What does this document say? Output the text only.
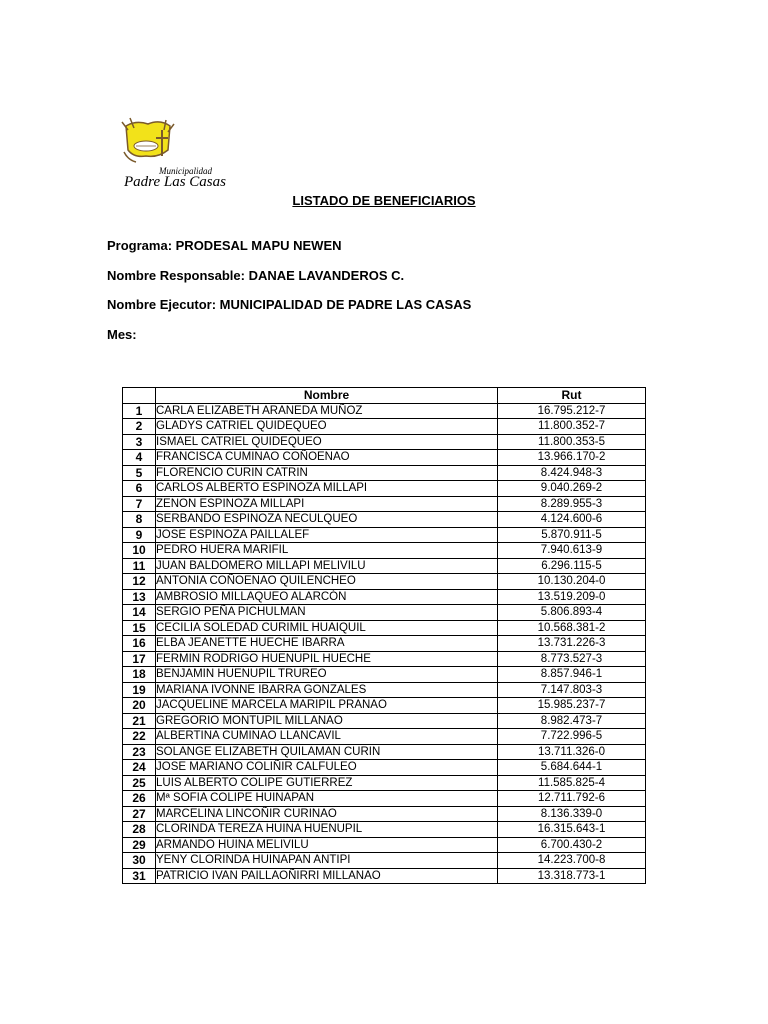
Municipalidad
Padre Las Casas
LISTADO DE BENEFICIARIOS
Programa: PRODESAL MAPU NEWEN
Nombre Responsable: DANAE LAVANDEROS C.
Nombre Ejecutor: MUNICIPALIDAD DE PADRE LAS CASAS
Mes:
	Nombre	Rut
1	CARLA ELIZABETH ARANEDA MUÑOZ	16.795.212-7
2	GLADYS CATRIEL QUIDEQUEO	11.800.352-7
3	ISMAEL CATRIEL QUIDEQUEO	11.800.353-5
4	FRANCISCA CUMINAO COÑOENAO	13.966.170-2
5	FLORENCIO CURIN CATRIN	8.424.948-3
6	CARLOS ALBERTO ESPINOZA MILLAPI	9.040.269-2
7	ZENON ESPINOZA MILLAPI	8.289.955-3
8	SERBANDO ESPINOZA NECULQUEO	4.124.600-6
9	JOSE ESPINOZA PAILLALEF	5.870.911-5
10	PEDRO HUERA MARIFIL	7.940.613-9
11	JUAN BALDOMERO MILLAPI MELIVILU	6.296.115-5
12	ANTONIA COÑOENAO QUILENCHEO	10.130.204-0
13	AMBROSIO MILLAQUEO ALARCÓN	13.519.209-0
14	SERGIO PEÑA PICHULMAN	5.806.893-4
15	CECILIA SOLEDAD CURIMIL HUAIQUIL	10.568.381-2
16	ELBA JEANETTE HUECHE IBARRA	13.731.226-3
17	FERMIN RODRIGO HUENUPIL HUECHE	8.773.527-3
18	BENJAMIN HUENUPIL TRUREO	8.857.946-1
19	MARIANA IVONNE IBARRA GONZALES	7.147.803-3
20	JACQUELINE MARCELA MARIPIL PRANAO	15.985.237-7
21	GREGORIO MONTUPIL MILLANAO	8.982.473-7
22	ALBERTINA CUMINAO LLANCAVIL	7.722.996-5
23	SOLANGE ELIZABETH QUILAMAN CURIN	13.711.326-0
24	JOSE MARIANO COLIÑIR CALFULEO	5.684.644-1
25	LUIS ALBERTO COLIPE GUTIERREZ	11.585.825-4
26	Mª SOFIA COLIPE HUINAPAN	12.711.792-6
27	MARCELINA LINCOÑIR CURINAO	8.136.339-0
28	CLORINDA TEREZA HUINA HUENUPIL	16.315.643-1
29	ARMANDO HUINA MELIVILU	6.700.430-2
30	YENY CLORINDA HUINAPAN ANTIPI	14.223.700-8
31	PATRICIO IVAN PAILLAOÑIRRI MILLANAO	13.318.773-1
